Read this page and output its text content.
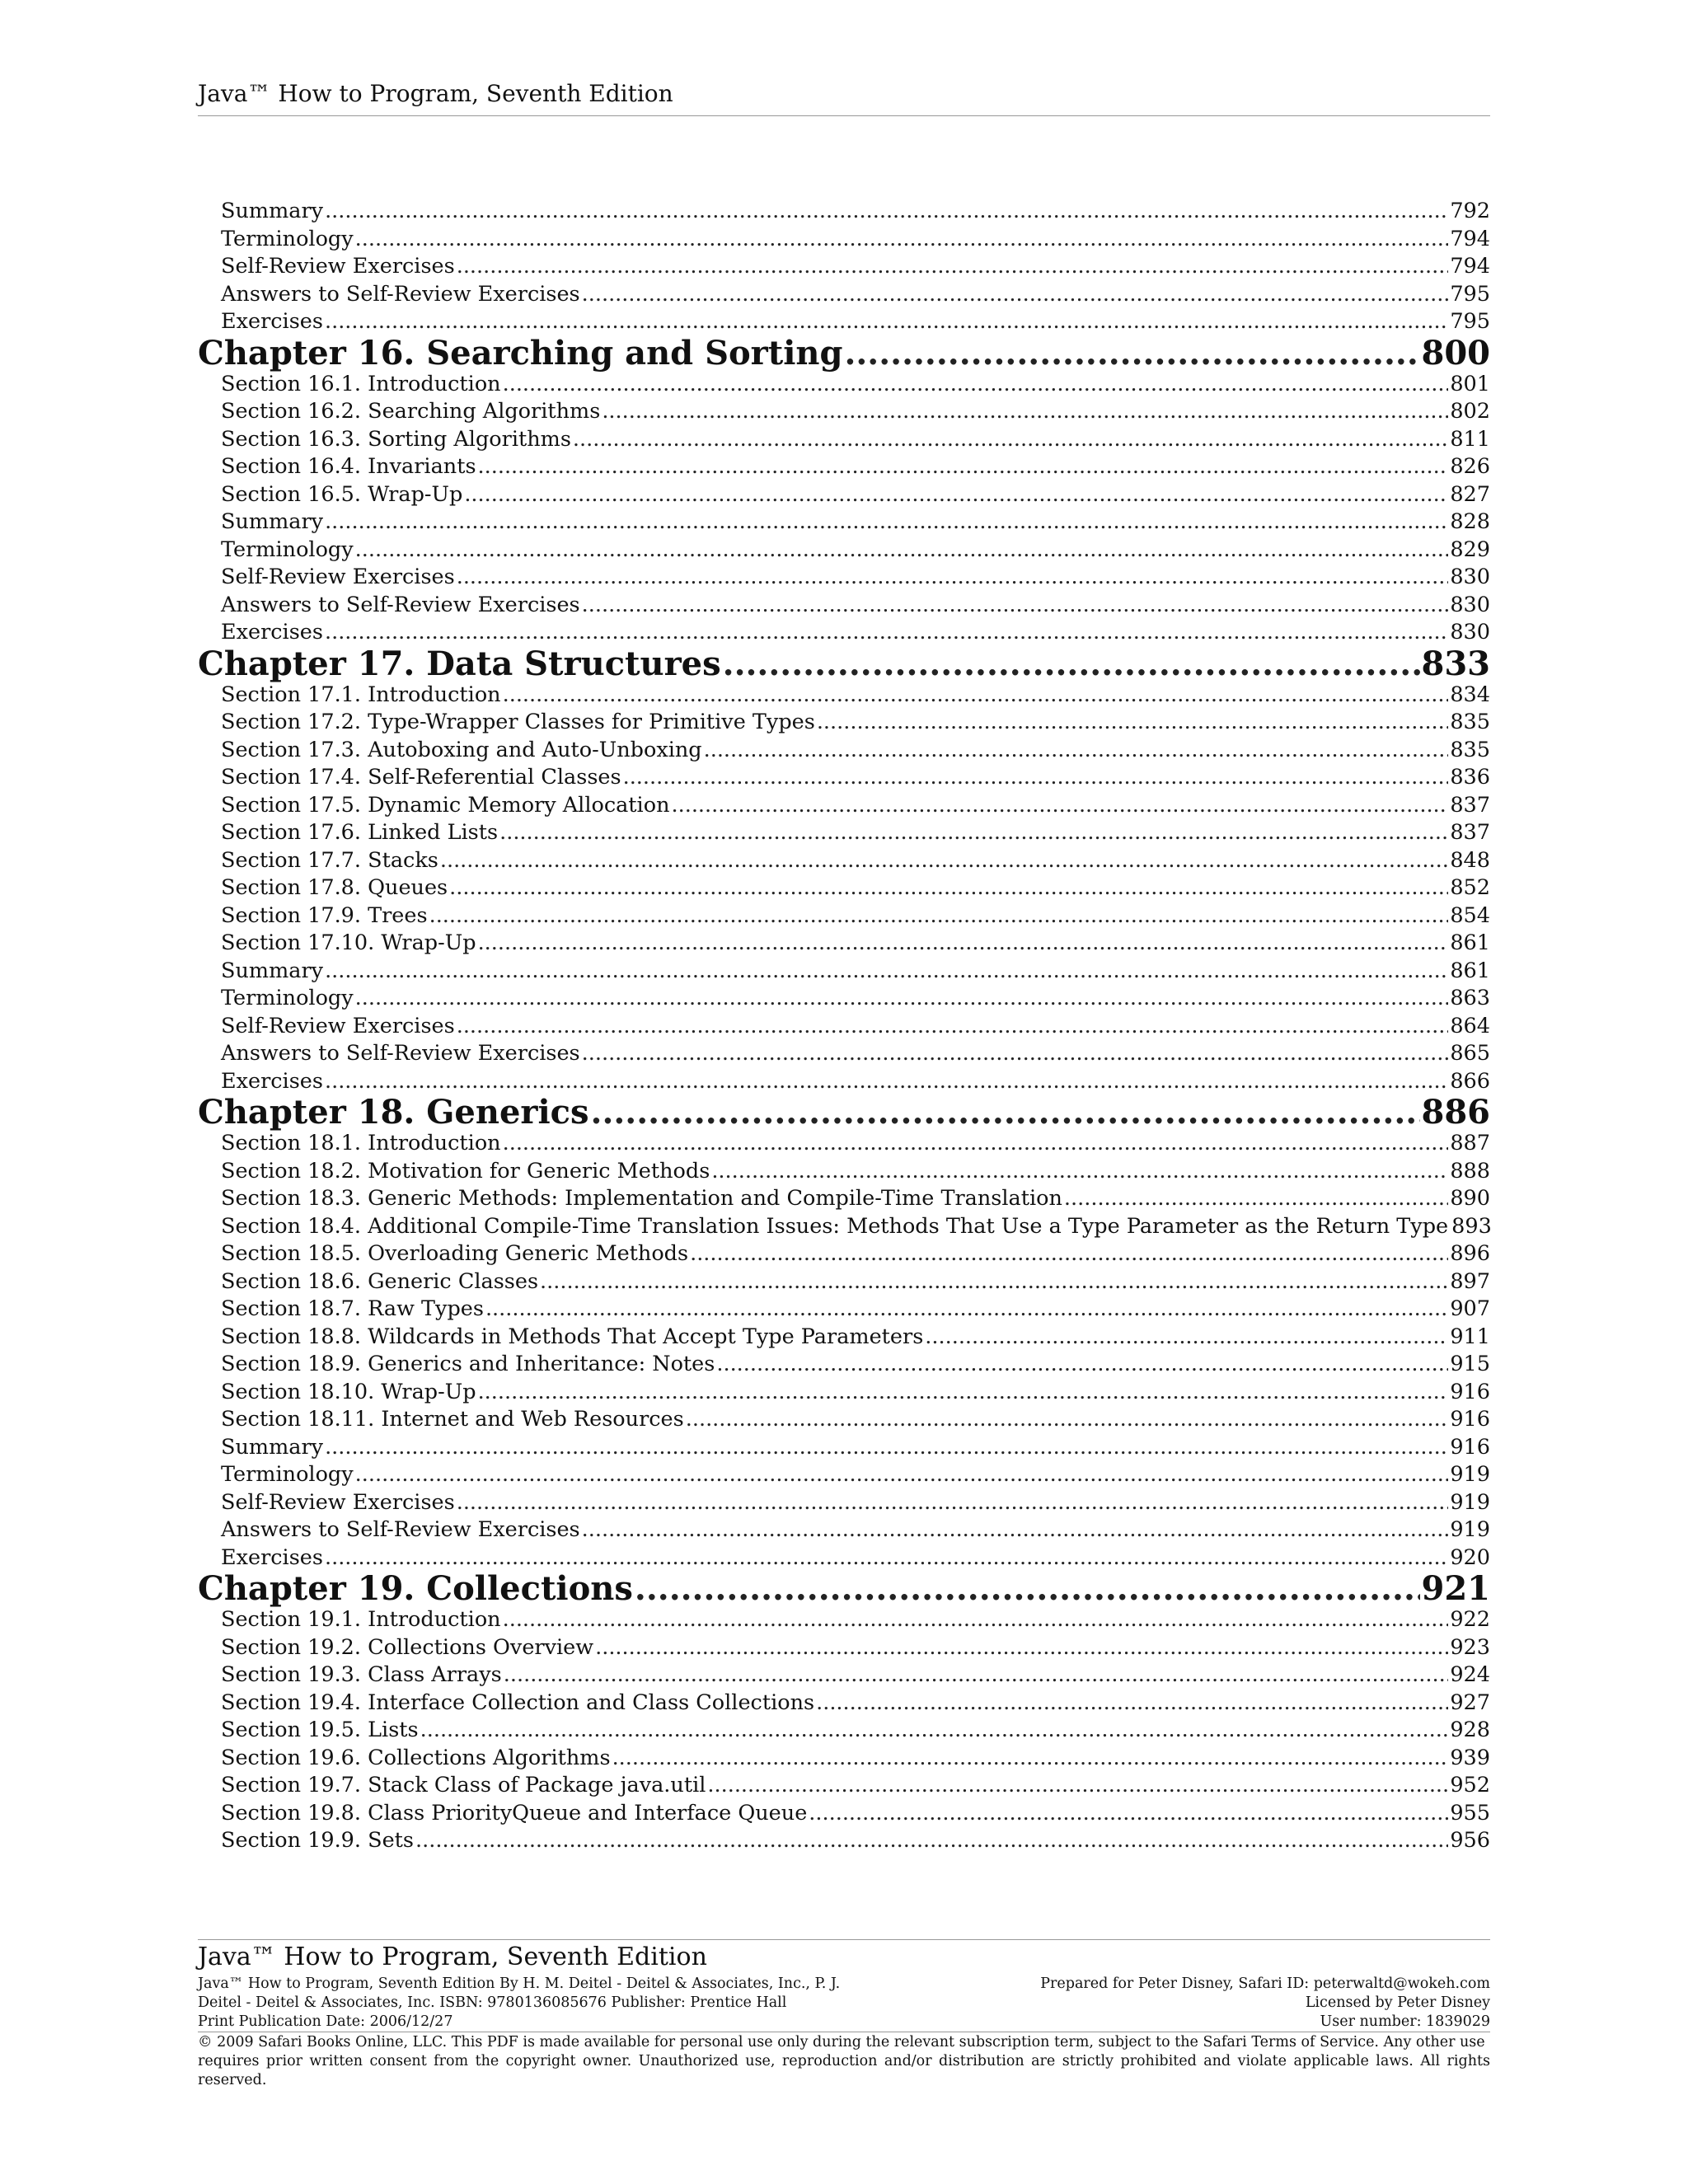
Java™ How to Program, Seventh Edition
Summary .....	792
Terminology .....	794
Self-Review Exercises .....	794
Answers to Self-Review Exercises .....	795
Exercises .....	795
Chapter 16. Searching and Sorting .....	800
Section 16.1. Introduction .....	801
Section 16.2. Searching Algorithms .....	802
Section 16.3. Sorting Algorithms .....	811
Section 16.4. Invariants .....	826
Section 16.5. Wrap-Up .....	827
Summary .....	828
Terminology .....	829
Self-Review Exercises .....	830
Answers to Self-Review Exercises .....	830
Exercises .....	830
Chapter 17. Data Structures .....	833
Section 17.1. Introduction .....	834
Section 17.2. Type-Wrapper Classes for Primitive Types .....	835
Section 17.3. Autoboxing and Auto-Unboxing .....	835
Section 17.4. Self-Referential Classes .....	836
Section 17.5. Dynamic Memory Allocation .....	837
Section 17.6. Linked Lists .....	837
Section 17.7. Stacks .....	848
Section 17.8. Queues .....	852
Section 17.9. Trees .....	854
Section 17.10. Wrap-Up .....	861
Summary .....	861
Terminology .....	863
Self-Review Exercises .....	864
Answers to Self-Review Exercises .....	865
Exercises .....	866
Chapter 18. Generics .....	886
Section 18.1. Introduction .....	887
Section 18.2. Motivation for Generic Methods .....	888
Section 18.3. Generic Methods: Implementation and Compile-Time Translation .....	890
Section 18.4. Additional Compile-Time Translation Issues: Methods That Use a Type Parameter as the Return Type 893
Section 18.5. Overloading Generic Methods .....	896
Section 18.6. Generic Classes .....	897
Section 18.7. Raw Types .....	907
Section 18.8. Wildcards in Methods That Accept Type Parameters .....	911
Section 18.9. Generics and Inheritance: Notes .....	915
Section 18.10. Wrap-Up .....	916
Section 18.11. Internet and Web Resources .....	916
Summary .....	916
Terminology .....	919
Self-Review Exercises .....	919
Answers to Self-Review Exercises .....	919
Exercises .....	920
Chapter 19. Collections .....	921
Section 19.1. Introduction .....	922
Section 19.2. Collections Overview .....	923
Section 19.3. Class Arrays .....	924
Section 19.4. Interface Collection and Class Collections .....	927
Section 19.5. Lists .....	928
Section 19.6. Collections Algorithms .....	939
Section 19.7. Stack Class of Package java.util .....	952
Section 19.8. Class PriorityQueue and Interface Queue .....	955
Section 19.9. Sets .....	956
Java™ How to Program, Seventh Edition
Java™ How to Program, Seventh Edition By H. M. Deitel - Deitel & Associates, Inc., P. J.
Deitel - Deitel & Associates, Inc. ISBN: 9780136085676 Publisher: Prentice Hall
Print Publication Date: 2006/12/27
Prepared for Peter Disney, Safari ID: peterwaltd@wokeh.com
Licensed by Peter Disney
User number: 1839029
© 2009 Safari Books Online, LLC. This PDF is made available for personal use only during the relevant subscription term, subject to the Safari Terms of Service. Any other use
requires prior written consent from the copyright owner. Unauthorized use, reproduction and/or distribution are strictly prohibited and violate applicable laws. All rights reserved.
